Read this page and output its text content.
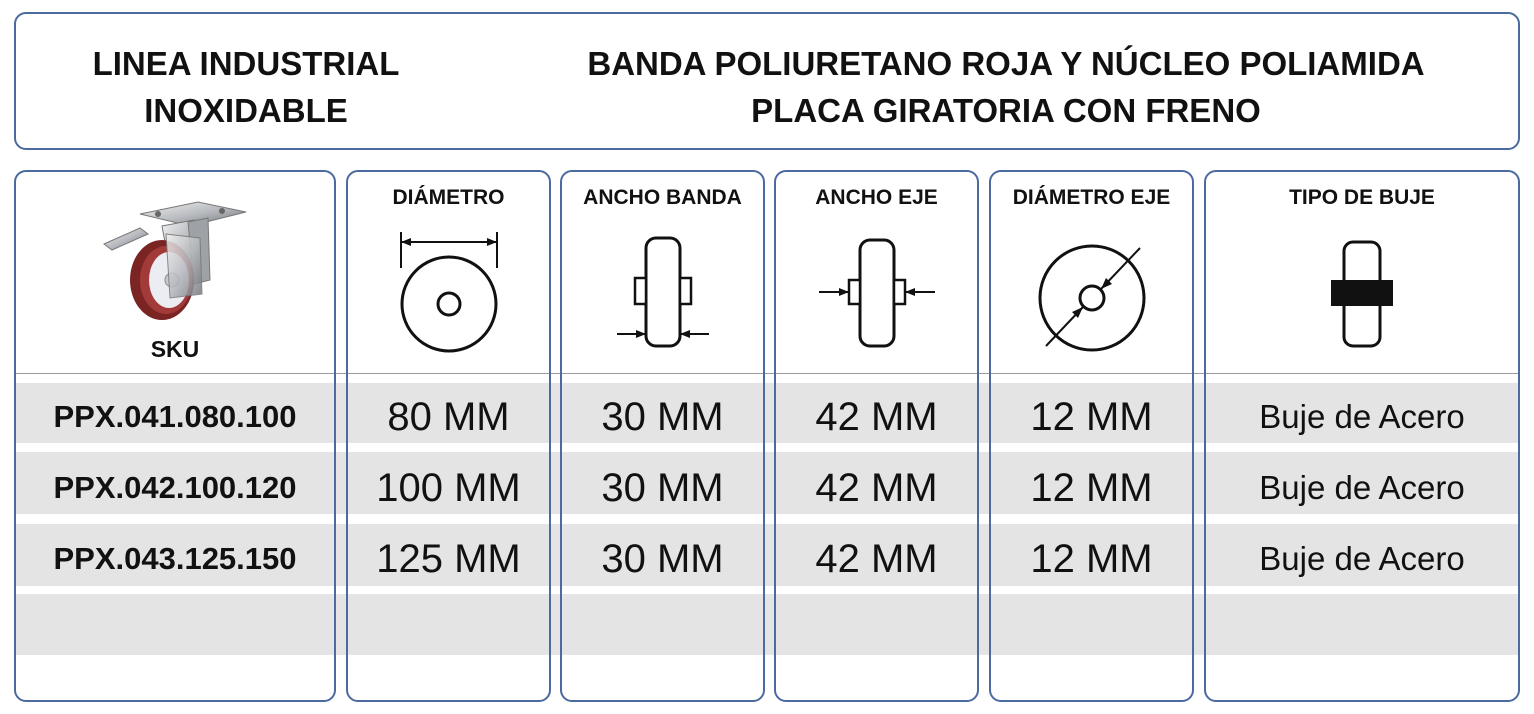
LINEA INDUSTRIAL
INOXIDABLE
BANDA POLIURETANO ROJA Y NÚCLEO POLIAMIDA
PLACA GIRATORIA CON FRENO
SKU
PPX.041.080.100
PPX.042.100.120
PPX.043.125.150
DIÁMETRO
80 MM
100 MM
125 MM
ANCHO BANDA
30 MM
30 MM
30 MM
ANCHO EJE
42 MM
42 MM
42 MM
DIÁMETRO EJE
12 MM
12 MM
12 MM
TIPO DE BUJE
Buje de Acero
Buje de Acero
Buje de Acero
